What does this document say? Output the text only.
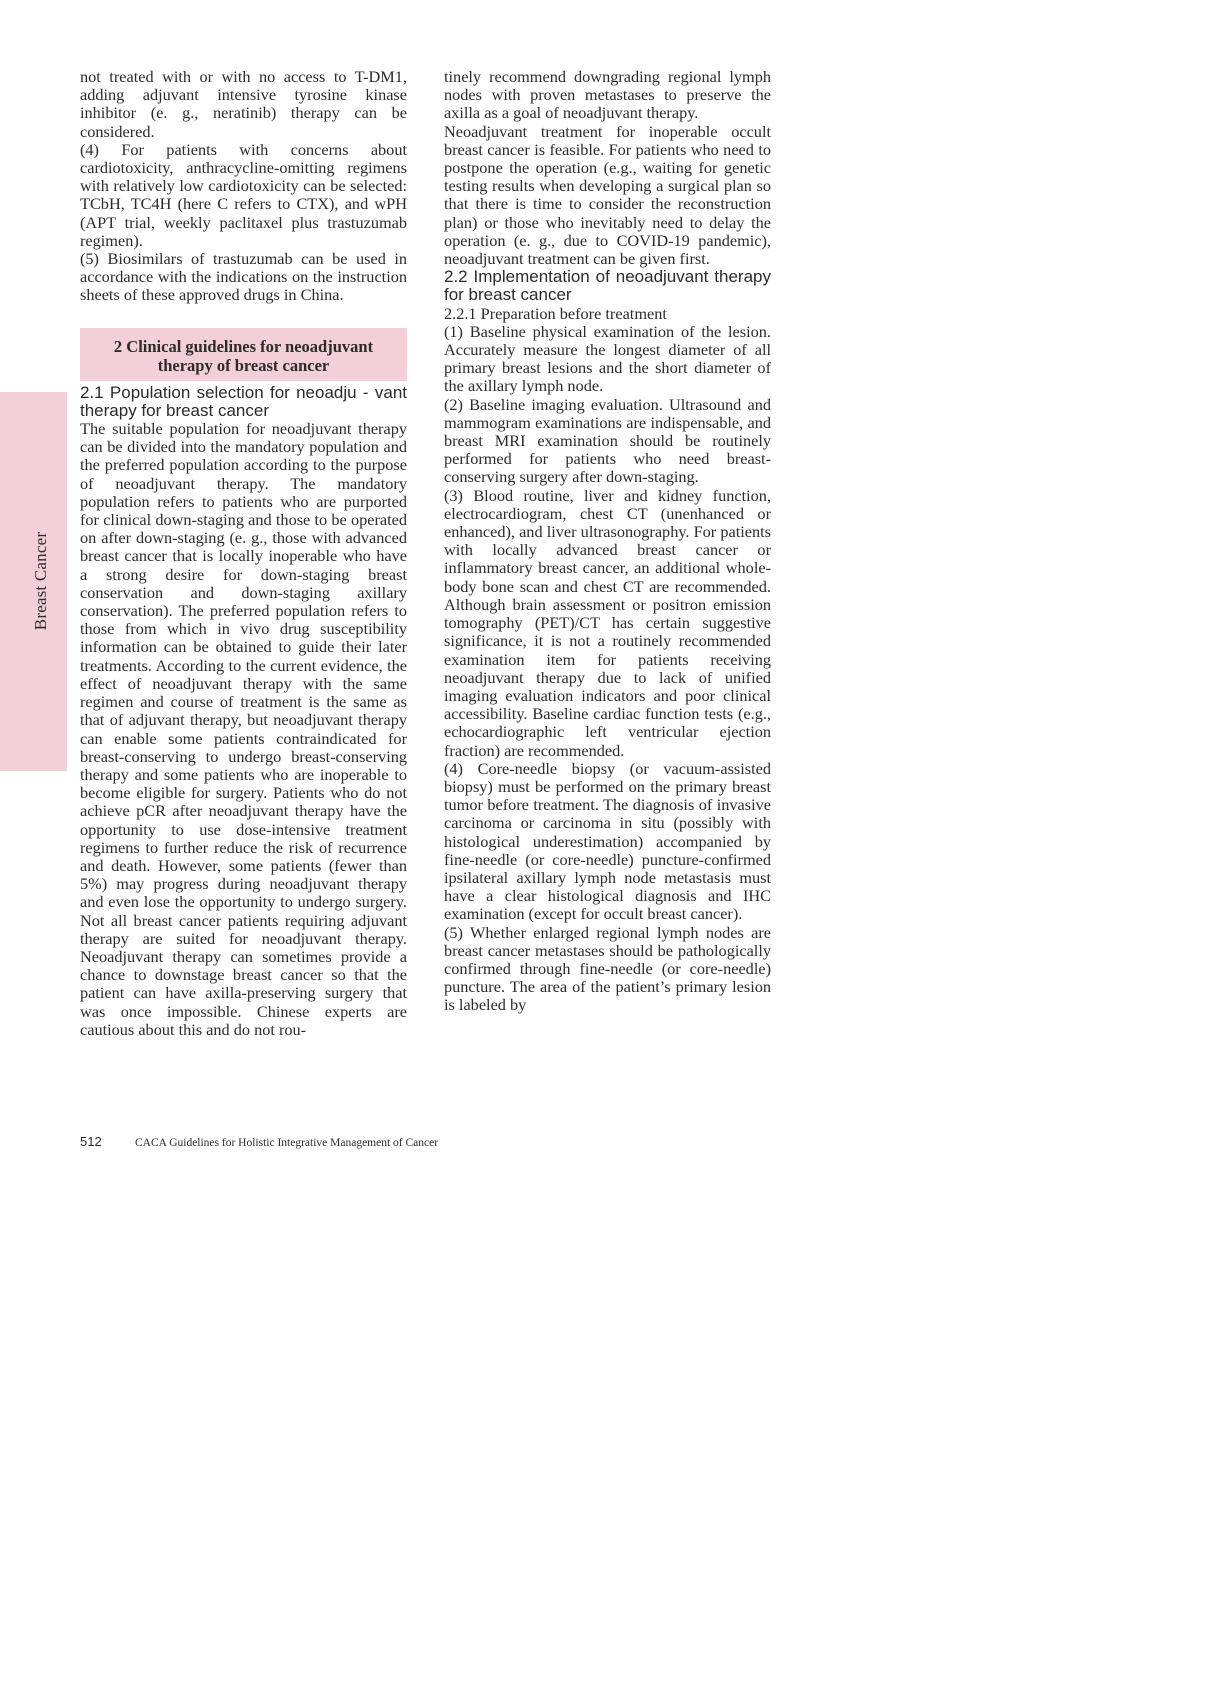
Breast Cancer

not treated with or with no access to T-DM1, adding adjuvant intensive tyrosine kinase inhibitor (e. g., neratinib) therapy can be considered.

(4) For patients with concerns about cardiotoxicity, anthracycline-omitting regimens with relatively low cardiotoxicity can be selected: TCbH, TC4H (here C refers to CTX), and wPH (APT trial, weekly paclitaxel plus trastuzumab regimen).

(5) Biosimilars of trastuzumab can be used in accordance with the indications on the instruction sheets of these approved drugs in China.

2 Clinical guidelines for neoadjuvant
therapy of breast cancer

2.1 Population selection for neoadju - vant therapy for breast cancer

The suitable population for neoadjuvant therapy can be divided into the mandatory population and the preferred population according to the purpose of neoadjuvant therapy. The mandatory population refers to patients who are purported for clinical down-staging and those to be operated on after down-staging (e. g., those with advanced breast cancer that is locally inoperable who have a strong desire for down-staging breast conservation and down-staging axillary conservation). The preferred population refers to those from which in vivo drug susceptibility information can be obtained to guide their later treatments. According to the current evidence, the effect of neoadjuvant therapy with the same regimen and course of treatment is the same as that of adjuvant therapy, but neoadjuvant therapy can enable some patients contraindicated for breast-conserving to undergo breast-conserving therapy and some patients who are inoperable to become eligible for surgery. Patients who do not achieve pCR after neoadjuvant therapy have the opportunity to use dose-intensive treatment regimens to further reduce the risk of recurrence and death. However, some patients (fewer than 5%) may progress during neoadjuvant therapy and even lose the opportunity to undergo surgery. Not all breast cancer patients requiring adjuvant therapy are suited for neoadjuvant therapy. Neoadjuvant therapy can sometimes provide a chance to downstage breast cancer so that the patient can have axilla-preserving surgery that was once impossible. Chinese experts are cautious about this and do not rou-

tinely recommend downgrading regional lymph nodes with proven metastases to preserve the axilla as a goal of neoadjuvant therapy.

Neoadjuvant treatment for inoperable occult breast cancer is feasible. For patients who need to postpone the operation (e.g., waiting for genetic testing results when developing a surgical plan so that there is time to consider the reconstruction plan) or those who inevitably need to delay the operation (e. g., due to COVID-19 pandemic), neoadjuvant treatment can be given first.

2.2 Implementation of neoadjuvant therapy for breast cancer

2.2.1 Preparation before treatment

(1) Baseline physical examination of the lesion. Accurately measure the longest diameter of all primary breast lesions and the short diameter of the axillary lymph node.

(2) Baseline imaging evaluation. Ultrasound and mammogram examinations are indispensable, and breast MRI examination should be routinely performed for patients who need breast-conserving surgery after down-staging.

(3) Blood routine, liver and kidney function, electrocardiogram, chest CT (unenhanced or enhanced), and liver ultrasonography. For patients with locally advanced breast cancer or inflammatory breast cancer, an additional whole-body bone scan and chest CT are recommended. Although brain assessment or positron emission tomography (PET)/CT has certain suggestive significance, it is not a routinely recommended examination item for patients receiving neoadjuvant therapy due to lack of unified imaging evaluation indicators and poor clinical accessibility. Baseline cardiac function tests (e.g., echocardiographic left ventricular ejection fraction) are recommended.

(4) Core-needle biopsy (or vacuum-assisted biopsy) must be performed on the primary breast tumor before treatment. The diagnosis of invasive carcinoma or carcinoma in situ (possibly with histological underestimation) accompanied by fine-needle (or core-needle) puncture-confirmed ipsilateral axillary lymph node metastasis must have a clear histological diagnosis and IHC examination (except for occult breast cancer).

(5) Whether enlarged regional lymph nodes are breast cancer metastases should be pathologically confirmed through fine-needle (or core-needle) puncture. The area of the patient’s primary lesion is labeled by

512	CACA Guidelines for Holistic Integrative Management of Cancer
